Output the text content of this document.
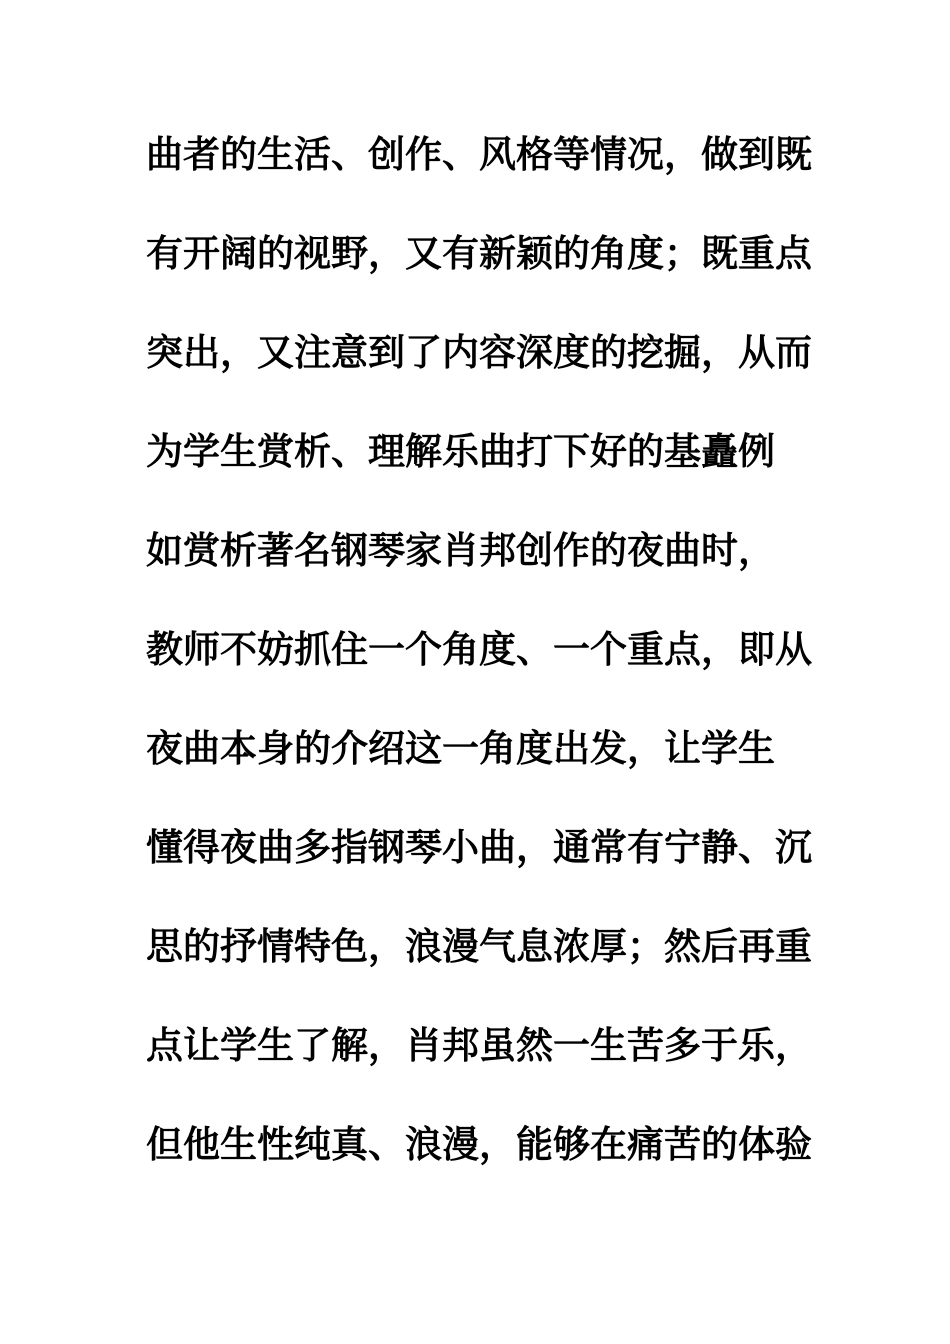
曲者的生活、创作、风格等情况，做到既
有开阔的视野，又有新颖的角度；既重点
突出，又注意到了内容深度的挖掘，从而
为学生赏析、理解乐曲打下好的基矗例
如赏析著名钢琴家肖邦创作的夜曲时，
教师不妨抓住一个角度、一个重点，即从
夜曲本身的介绍这一角度出发，让学生
懂得夜曲多指钢琴小曲，通常有宁静、沉
思的抒情特色，浪漫气息浓厚；然后再重
点让学生了解，肖邦虽然一生苦多于乐，
但他生性纯真、浪漫，能够在痛苦的体验
